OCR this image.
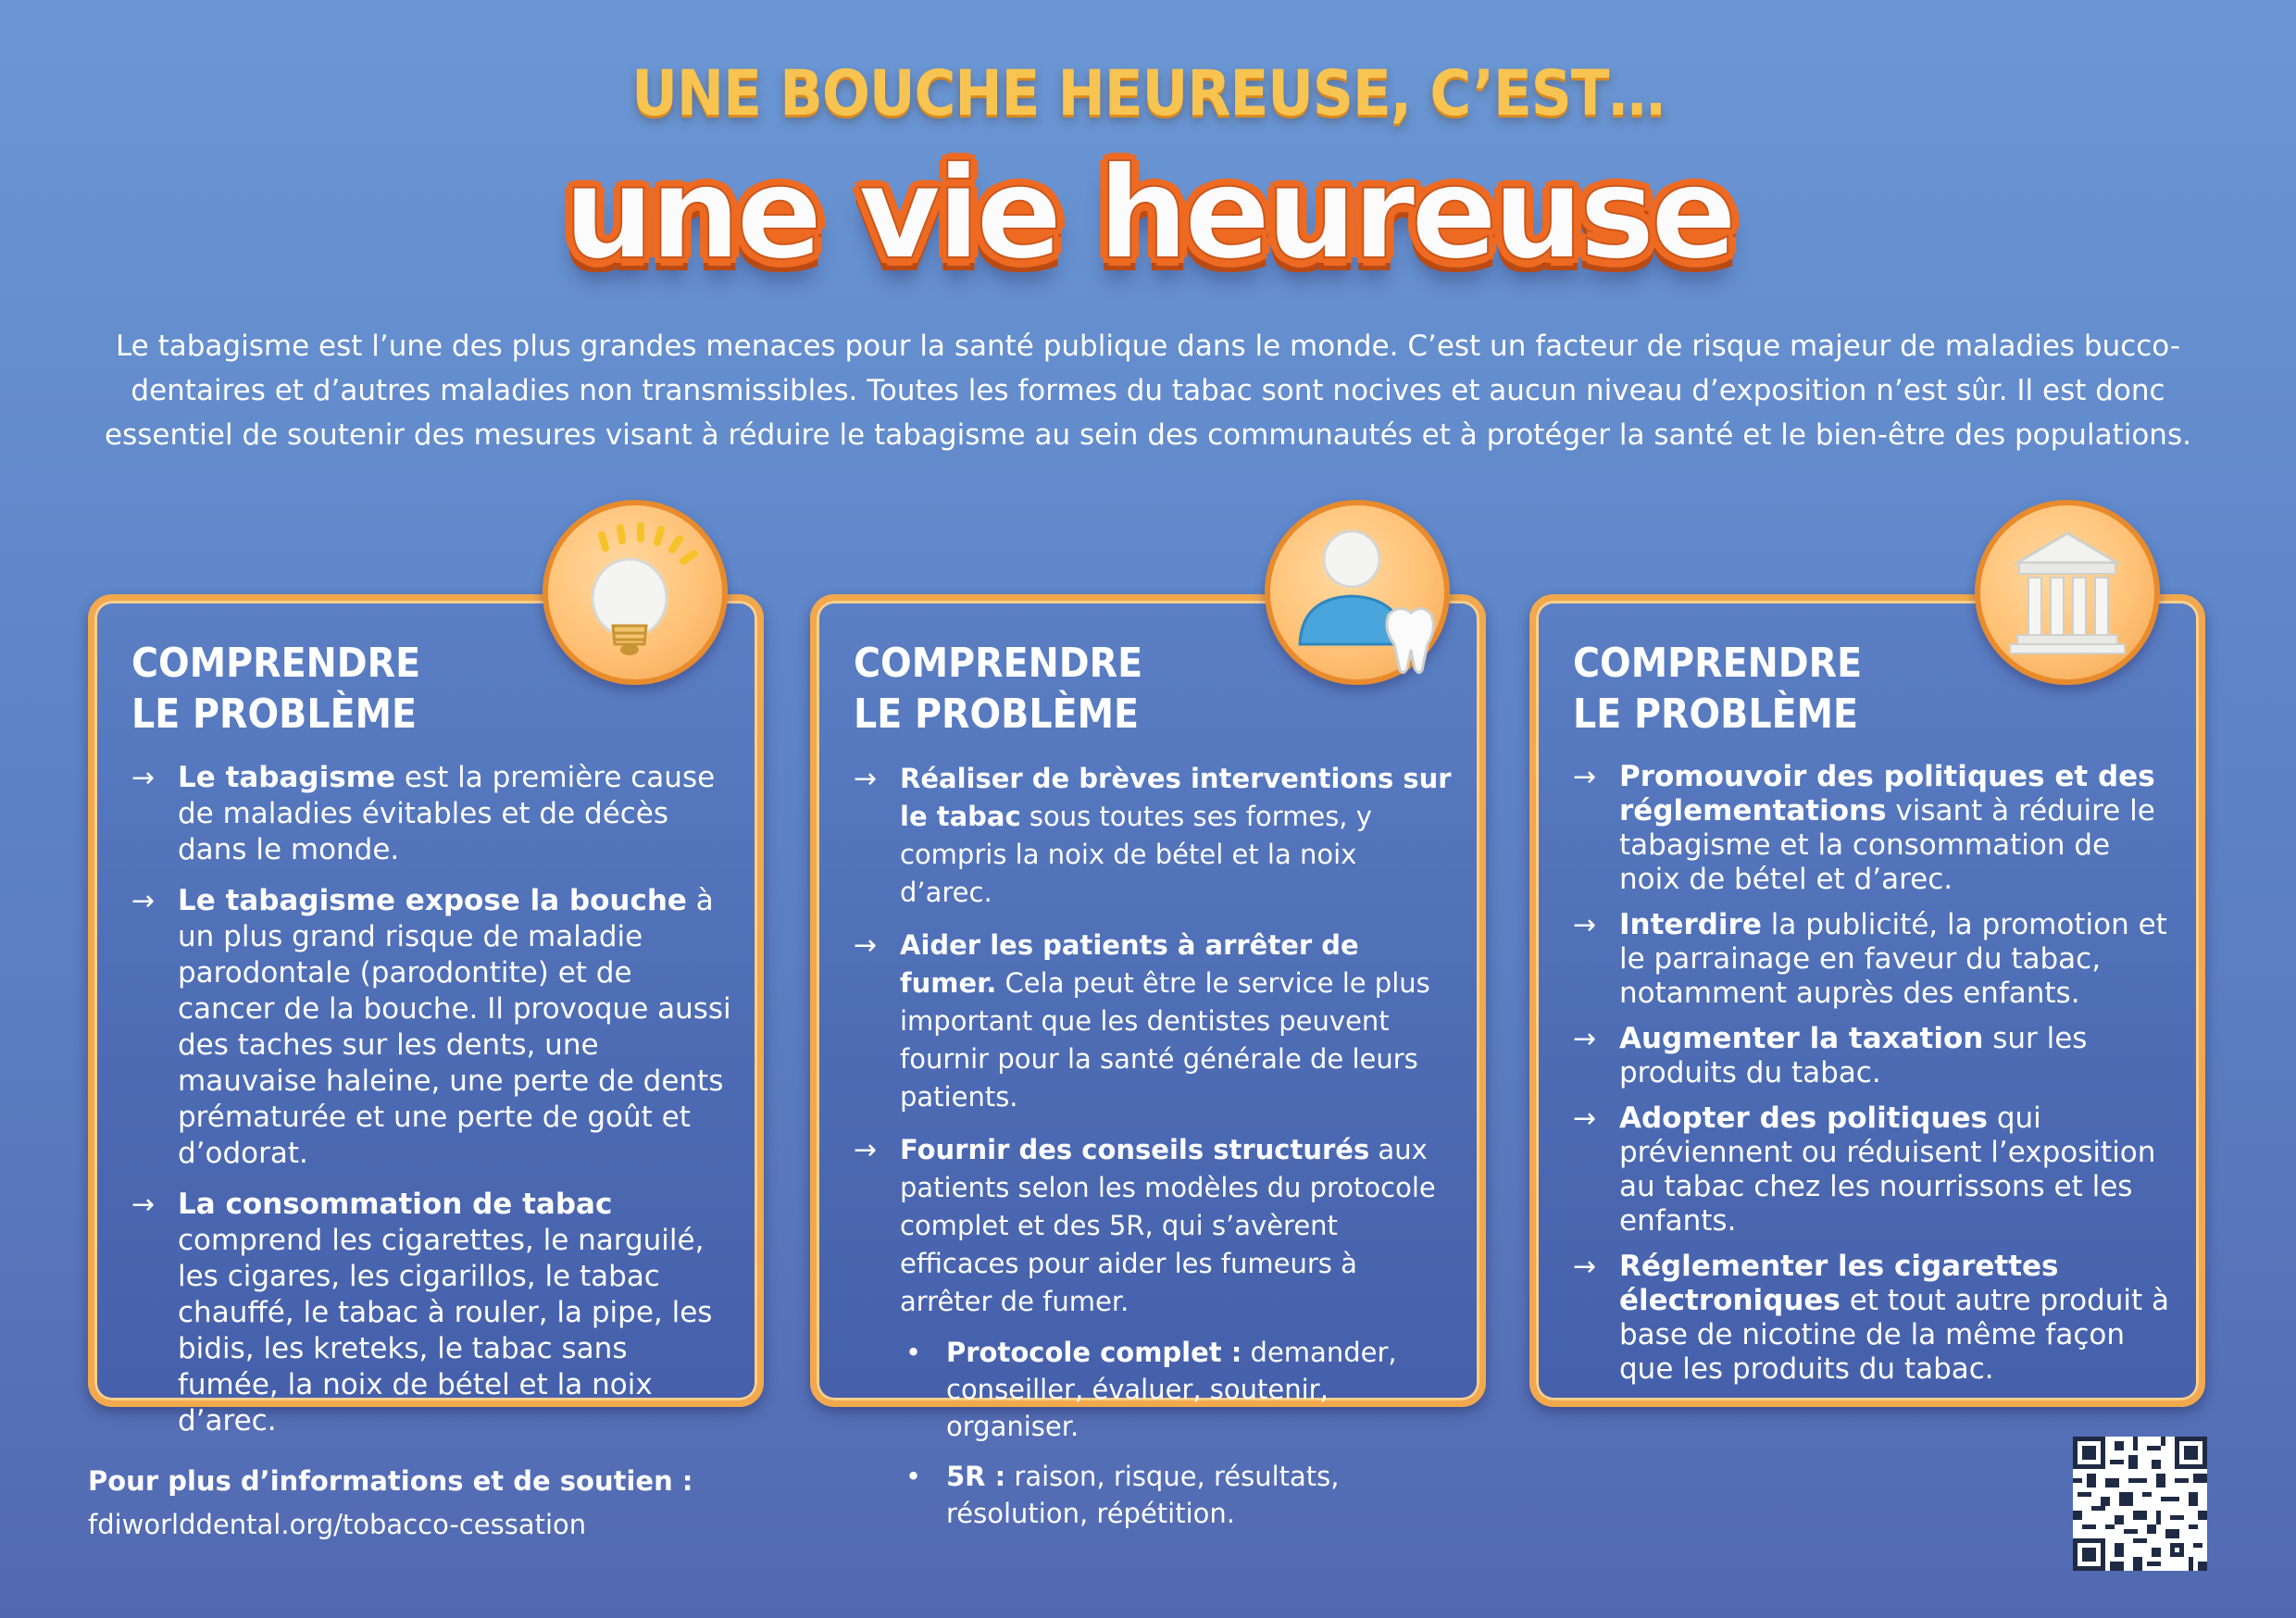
UNE BOUCHE HEUREUSE, C’EST…
une vie heureuse
Le tabagisme est l’une des plus grandes menaces pour la santé publique dans le monde. C’est un facteur de risque majeur de maladies bucco-dentaires et d’autres maladies non transmissibles. Toutes les formes du tabac sont nocives et aucun niveau d’exposition n’est sûr. Il est donc essentiel de soutenir des mesures visant à réduire le tabagisme au sein des communautés et à protéger la santé et le bien-être des populations.
COMPRENDRE
LE PROBLÈME
→ Le tabagisme est la première cause de maladies évitables et de décès dans le monde.
→ Le tabagisme expose la bouche à un plus grand risque de maladie parodontale (parodontite) et de cancer de la bouche. Il provoque aussi des taches sur les dents, une mauvaise haleine, une perte de dents prématurée et une perte de goût et d’odorat.
→ La consommation de tabac comprend les cigarettes, le narguilé, les cigares, les cigarillos, le tabac chauffé, le tabac à rouler, la pipe, les bidis, les kreteks, le tabac sans fumée, la noix de bétel et la noix d’arec.
COMPRENDRE
LE PROBLÈME
→ Réaliser de brèves interventions sur le tabac sous toutes ses formes, y compris la noix de bétel et la noix d’arec.
→ Aider les patients à arrêter de fumer. Cela peut être le service le plus important que les dentistes peuvent fournir pour la santé générale de leurs patients.
→ Fournir des conseils structurés aux patients selon les modèles du protocole complet et des 5R, qui s’avèrent efficaces pour aider les fumeurs à arrêter de fumer.
• Protocole complet : demander, conseiller, évaluer, soutenir, organiser.
• 5R : raison, risque, résultats, résolution, répétition.
COMPRENDRE
LE PROBLÈME
→ Promouvoir des politiques et des réglementations visant à réduire le tabagisme et la consommation de noix de bétel et d’arec.
→ Interdire la publicité, la promotion et le parrainage en faveur du tabac, notamment auprès des enfants.
→ Augmenter la taxation sur les produits du tabac.
→ Adopter des politiques qui préviennent ou réduisent l’exposition au tabac chez les nourrissons et les enfants.
→ Réglementer les cigarettes électroniques et tout autre produit à base de nicotine de la même façon que les produits du tabac.
Pour plus d’informations et de soutien :
fdiworlddental.org/tobacco-cessation
